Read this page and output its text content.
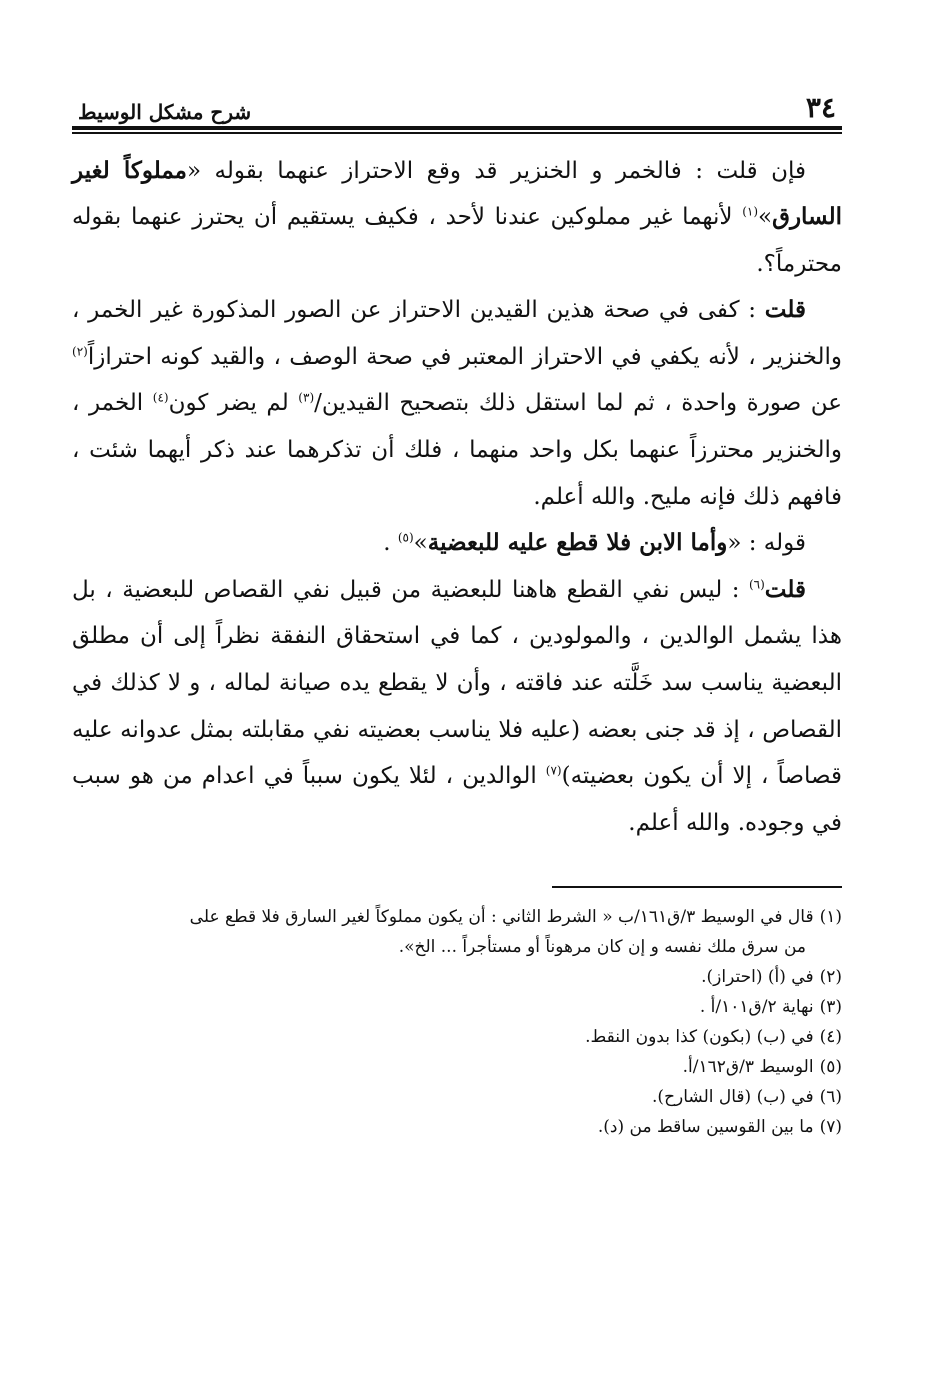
٣٤
شرح مشكل الوسيط

فإن قلت : فالخمر و الخنزير قد وقع الاحتراز عنهما بقوله «مملوكاً لغير السارق»$^{(١)}$ لأنهما غير مملوكين عندنا لأحد ، فكيف يستقيم أن يحترز عنهما بقوله محترماً؟.

قلت : كفى في صحة هذين القيدين الاحتراز عن الصور المذكورة غير الخمر ، والخنزير ، لأنه يكفي في الاحتراز المعتبر في صحة الوصف ، والقيد كونه احترازاً$^{(٢)}$ عن صورة واحدة ، ثم لما استقل ذلك بتصحيح القيدين/$^{(٣)}$ لم يضر كون$^{(٤)}$ الخمر ، والخنزير محترزاً عنهما بكل واحد منهما ، فلك أن تذكرهما عند ذكر أيهما شئت ، فافهم ذلك فإنه مليح. والله أعلم.

قوله : «وأما الابن فلا قطع عليه للبعضية»$^{(٥)}$ .

قلت$^{(٦)}$ : ليس نفي القطع هاهنا للبعضية من قبيل نفي القصاص للبعضية ، بل هذا يشمل الوالدين ، والمولودين ، كما في استحقاق النفقة نظراً إلى أن مطلق البعضية يناسب سد خَلَّته عند فاقته ، وأن لا يقطع يده صيانة لماله ، و لا كذلك في القصاص ، إذ قد جنى بعضه (عليه فلا يناسب بعضيته نفي مقابلته بمثل عدوانه عليه قصاصاً ، إلا أن يكون بعضيته)$^{(٧)}$ الوالدين ، لئلا يكون سبباً في اعدام من هو سبب في وجوده. والله أعلم.

(١)قال في الوسيط ٣/ق١٦١/ب « الشرط الثاني : أن يكون مملوكاً لغير السارق فلا قطع على

من سرق ملك نفسه و إن كان مرهوناً أو مستأجراً ... الخ».

(٢)في (أ) (احتراز).

(٣)نهاية ٢/ق١٠١/أ .

(٤)في (ب) (بكون) كذا بدون النقط.

(٥)الوسيط ٣/ق١٦٢/أ.

(٦)في (ب) (قال الشارح).

(٧)ما بين القوسين ساقط من (د).
